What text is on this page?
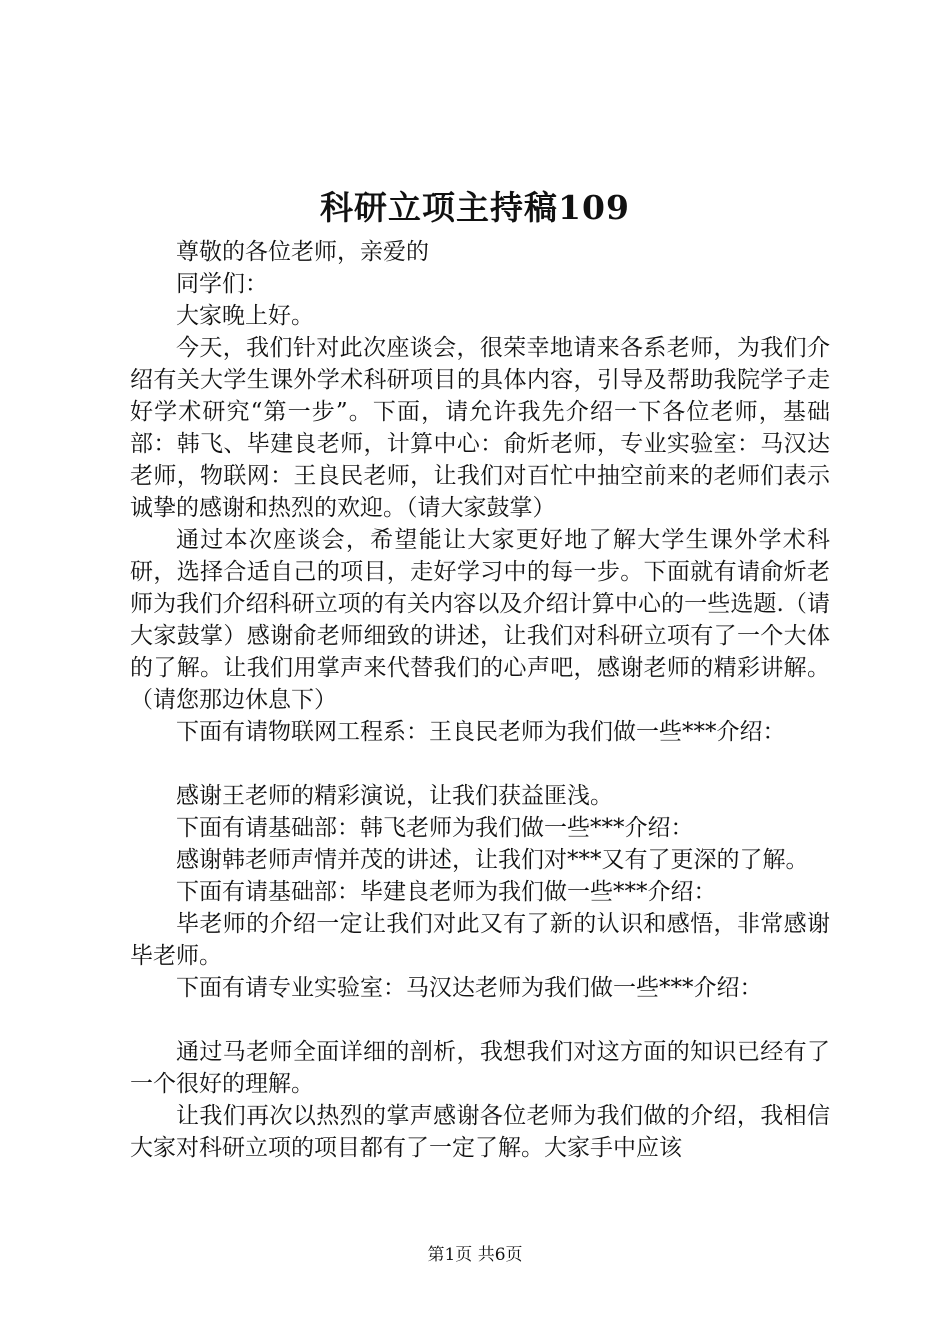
科研立项主持稿109

尊敬的各位老师，亲爱的

同学们：

大家晚上好。

今天，我们针对此次座谈会，很荣幸地请来各系老师，为我们介绍有关大学生课外学术科研项目的具体内容，引导及帮助我院学子走好学术研究“第一步”。下面，请允许我先介绍一下各位老师，基础部：韩飞、毕建良老师，计算中心：俞炘老师，专业实验室：马汉达老师，物联网：王良民老师，让我们对百忙中抽空前来的老师们表示诚挚的感谢和热烈的欢迎。（请大家鼓掌）

通过本次座谈会，希望能让大家更好地了解大学生课外学术科研，选择合适自己的项目，走好学习中的每一步。下面就有请俞炘老师为我们介绍科研立项的有关内容以及介绍计算中心的一些选题.（请大家鼓掌）感谢俞老师细致的讲述，让我们对科研立项有了一个大体的了解。让我们用掌声来代替我们的心声吧，感谢老师的精彩讲解。（请您那边休息下）

下面有请物联网工程系：王良民老师为我们做一些***介绍：

感谢王老师的精彩演说，让我们获益匪浅。

下面有请基础部：韩飞老师为我们做一些***介绍：

感谢韩老师声情并茂的讲述，让我们对***又有了更深的了解。

下面有请基础部：毕建良老师为我们做一些***介绍：

毕老师的介绍一定让我们对此又有了新的认识和感悟，非常感谢毕老师。

下面有请专业实验室：马汉达老师为我们做一些***介绍：

通过马老师全面详细的剖析，我想我们对这方面的知识已经有了一个很好的理解。

让我们再次以热烈的掌声感谢各位老师为我们做的介绍，我相信大家对科研立项的项目都有了一定了解。大家手中应该

第1页 共6页
